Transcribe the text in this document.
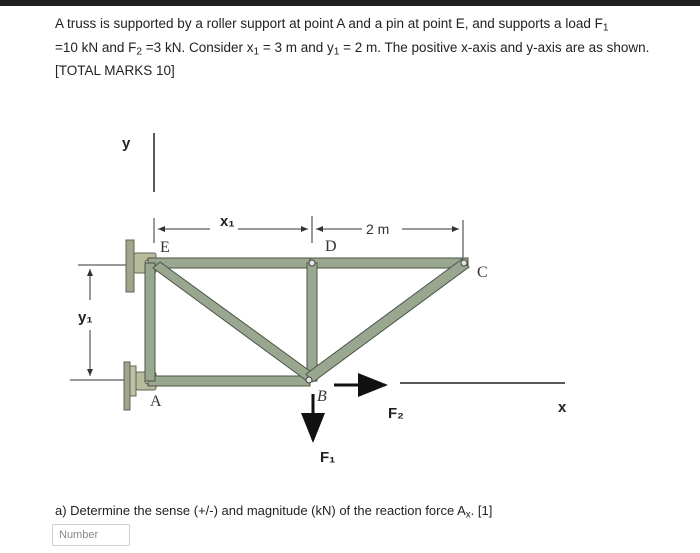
A truss is supported by a roller support at point A and a pin at point E, and supports a load $F_1$

=10 kN and $F_2 =3$ kN. Consider $x_1 = 3$ m and $y_1 = 2$ m. The positive x-axis and y-axis are as shown.

[TOTAL MARKS 10]

y
x₁	2 m
y₁
E	D
C
B
A
F₁
F₂	x
a) Determine the sense (+/-) and magnitude (kN) of the reaction force $A_x$. [1]
Number
